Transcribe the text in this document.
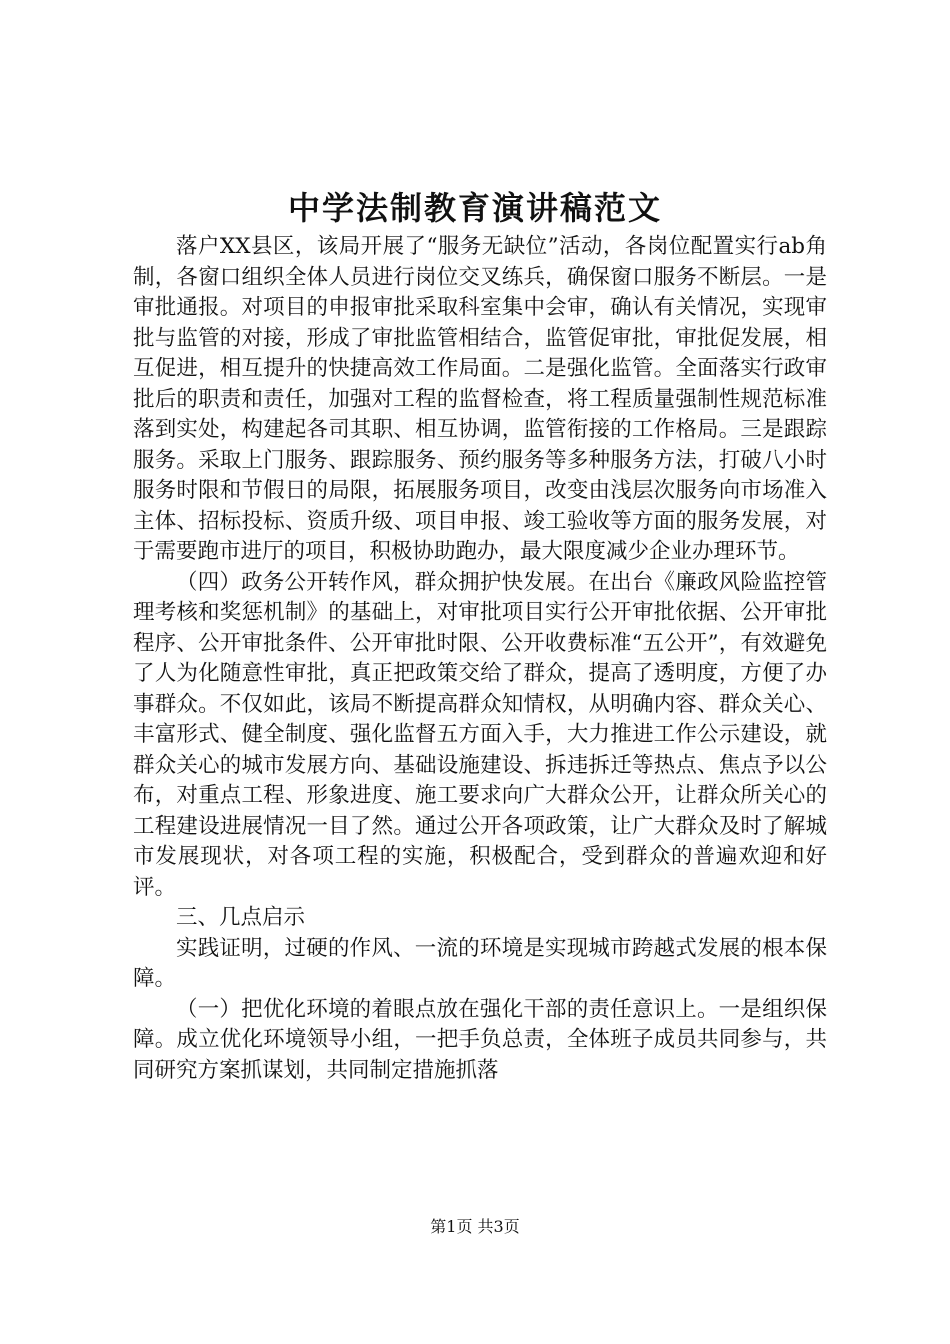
中学法制教育演讲稿范文

落户XX县区，该局开展了“服务无缺位”活动，各岗位配置实行ab角制，各窗口组织全体人员进行岗位交叉练兵，确保窗口服务不断层。一是审批通报。对项目的申报审批采取科室集中会审，确认有关情况，实现审批与监管的对接，形成了审批监管相结合，监管促审批，审批促发展，相互促进，相互提升的快捷高效工作局面。二是强化监管。全面落实行政审批后的职责和责任，加强对工程的监督检查，将工程质量强制性规范标准落到实处，构建起各司其职、相互协调，监管衔接的工作格局。三是跟踪服务。采取上门服务、跟踪服务、预约服务等多种服务方法，打破八小时服务时限和节假日的局限，拓展服务项目，改变由浅层次服务向市场准入主体、招标投标、资质升级、项目申报、竣工验收等方面的服务发展，对于需要跑市进厅的项目，积极协助跑办，最大限度减少企业办理环节。

（四）政务公开转作风，群众拥护快发展。在出台《廉政风险监控管理考核和奖惩机制》的基础上，对审批项目实行公开审批依据、公开审批程序、公开审批条件、公开审批时限、公开收费标准“五公开”，有效避免了人为化随意性审批，真正把政策交给了群众，提高了透明度，方便了办事群众。不仅如此，该局不断提高群众知情权，从明确内容、群众关心、丰富形式、健全制度、强化监督五方面入手，大力推进工作公示建设，就群众关心的城市发展方向、基础设施建设、拆违拆迁等热点、焦点予以公布，对重点工程、形象进度、施工要求向广大群众公开，让群众所关心的工程建设进展情况一目了然。通过公开各项政策，让广大群众及时了解城市发展现状，对各项工程的实施，积极配合，受到群众的普遍欢迎和好评。

三、几点启示

实践证明，过硬的作风、一流的环境是实现城市跨越式发展的根本保障。

（一）把优化环境的着眼点放在强化干部的责任意识上。一是组织保障。成立优化环境领导小组，一把手负总责，全体班子成员共同参与，共同研究方案抓谋划，共同制定措施抓落

第1页 共3页
